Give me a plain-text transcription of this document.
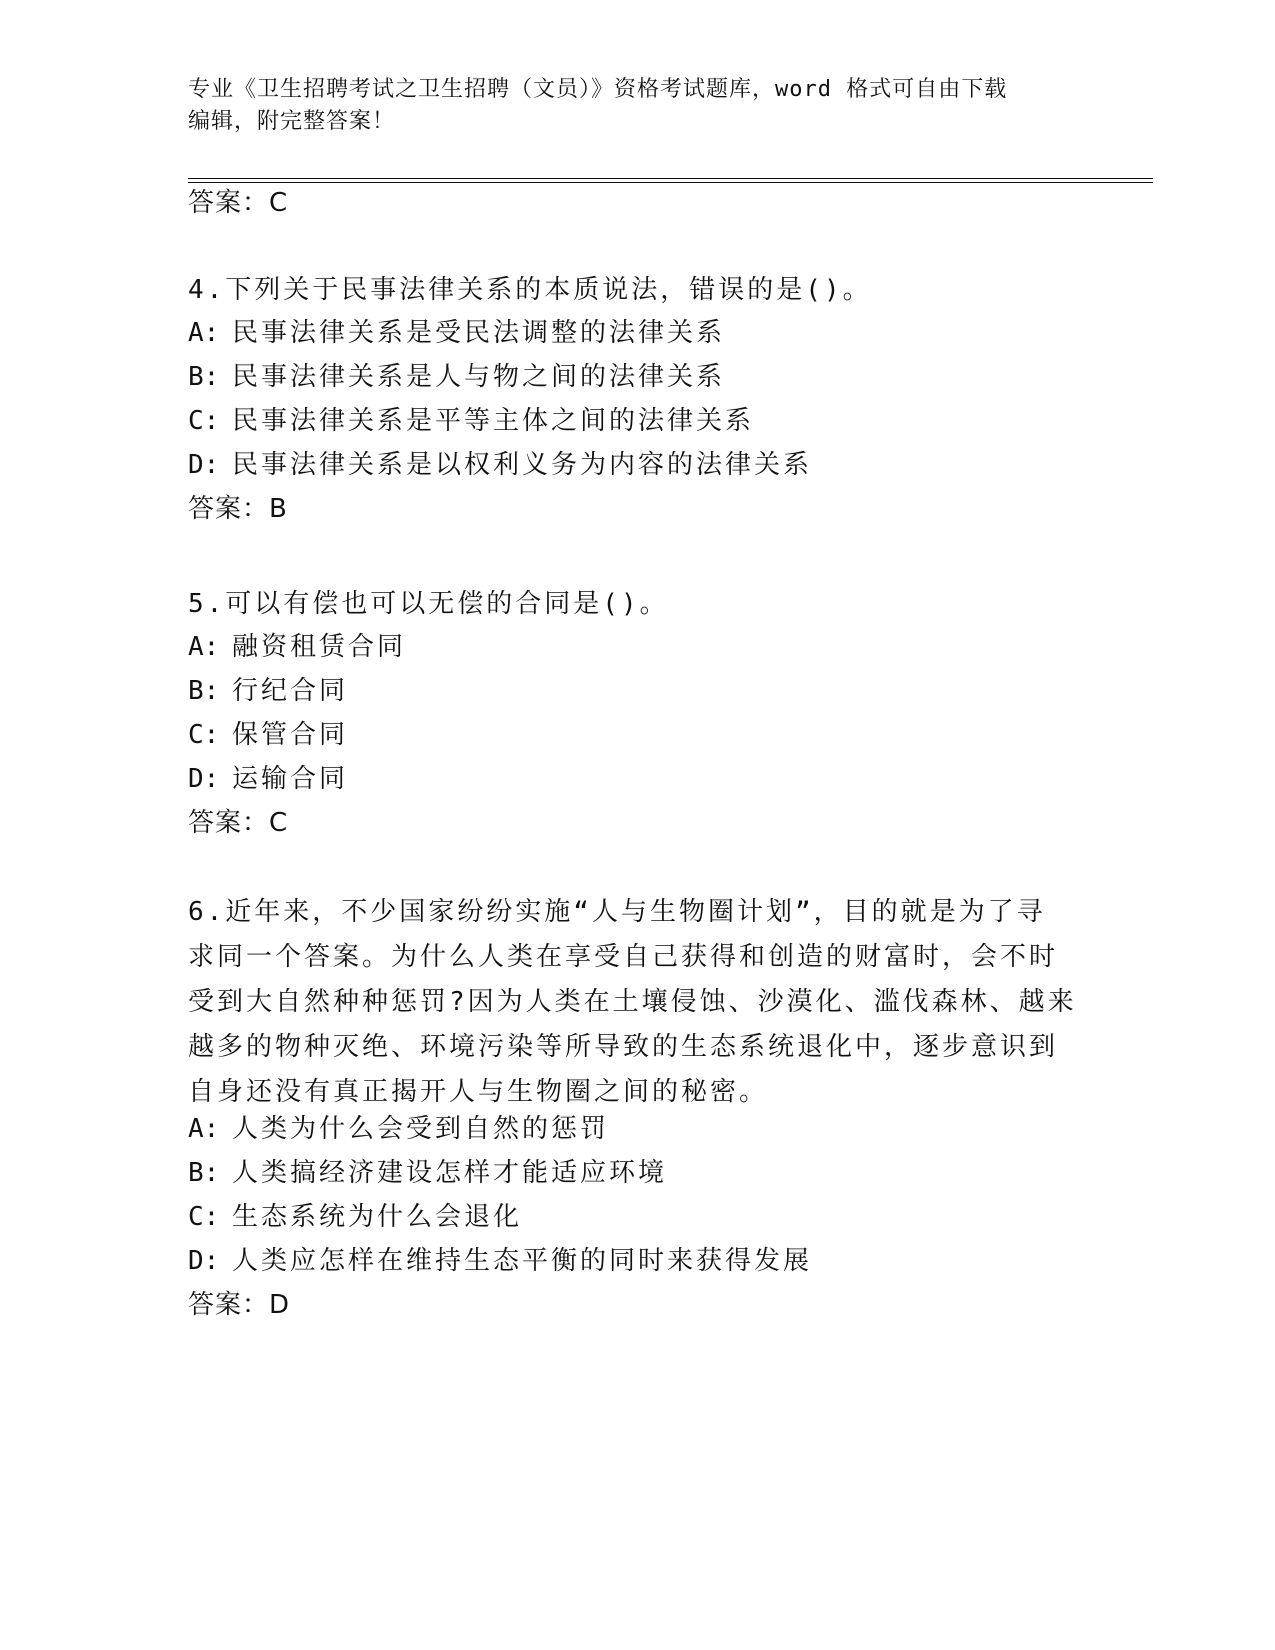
专业《卫生招聘考试之卫生招聘（文员）》资格考试题库，word 格式可自由下载
编辑，附完整答案！
答案：C
4.下列关于民事法律关系的本质说法，错误的是()。
A: 民事法律关系是受民法调整的法律关系
B: 民事法律关系是人与物之间的法律关系
C: 民事法律关系是平等主体之间的法律关系
D: 民事法律关系是以权利义务为内容的法律关系
答案：B
5.可以有偿也可以无偿的合同是()。
A: 融资租赁合同
B: 行纪合同
C: 保管合同
D: 运输合同
答案：C
6.近年来，不少国家纷纷实施“人与生物圈计划”，目的就是为了寻
求同一个答案。为什么人类在享受自己获得和创造的财富时，会不时
受到大自然种种惩罚?因为人类在土壤侵蚀、沙漠化、滥伐森林、越来
越多的物种灭绝、环境污染等所导致的生态系统退化中，逐步意识到
自身还没有真正揭开人与生物圈之间的秘密。
A: 人类为什么会受到自然的惩罚
B: 人类搞经济建设怎样才能适应环境
C: 生态系统为什么会退化
D: 人类应怎样在维持生态平衡的同时来获得发展
答案：D
